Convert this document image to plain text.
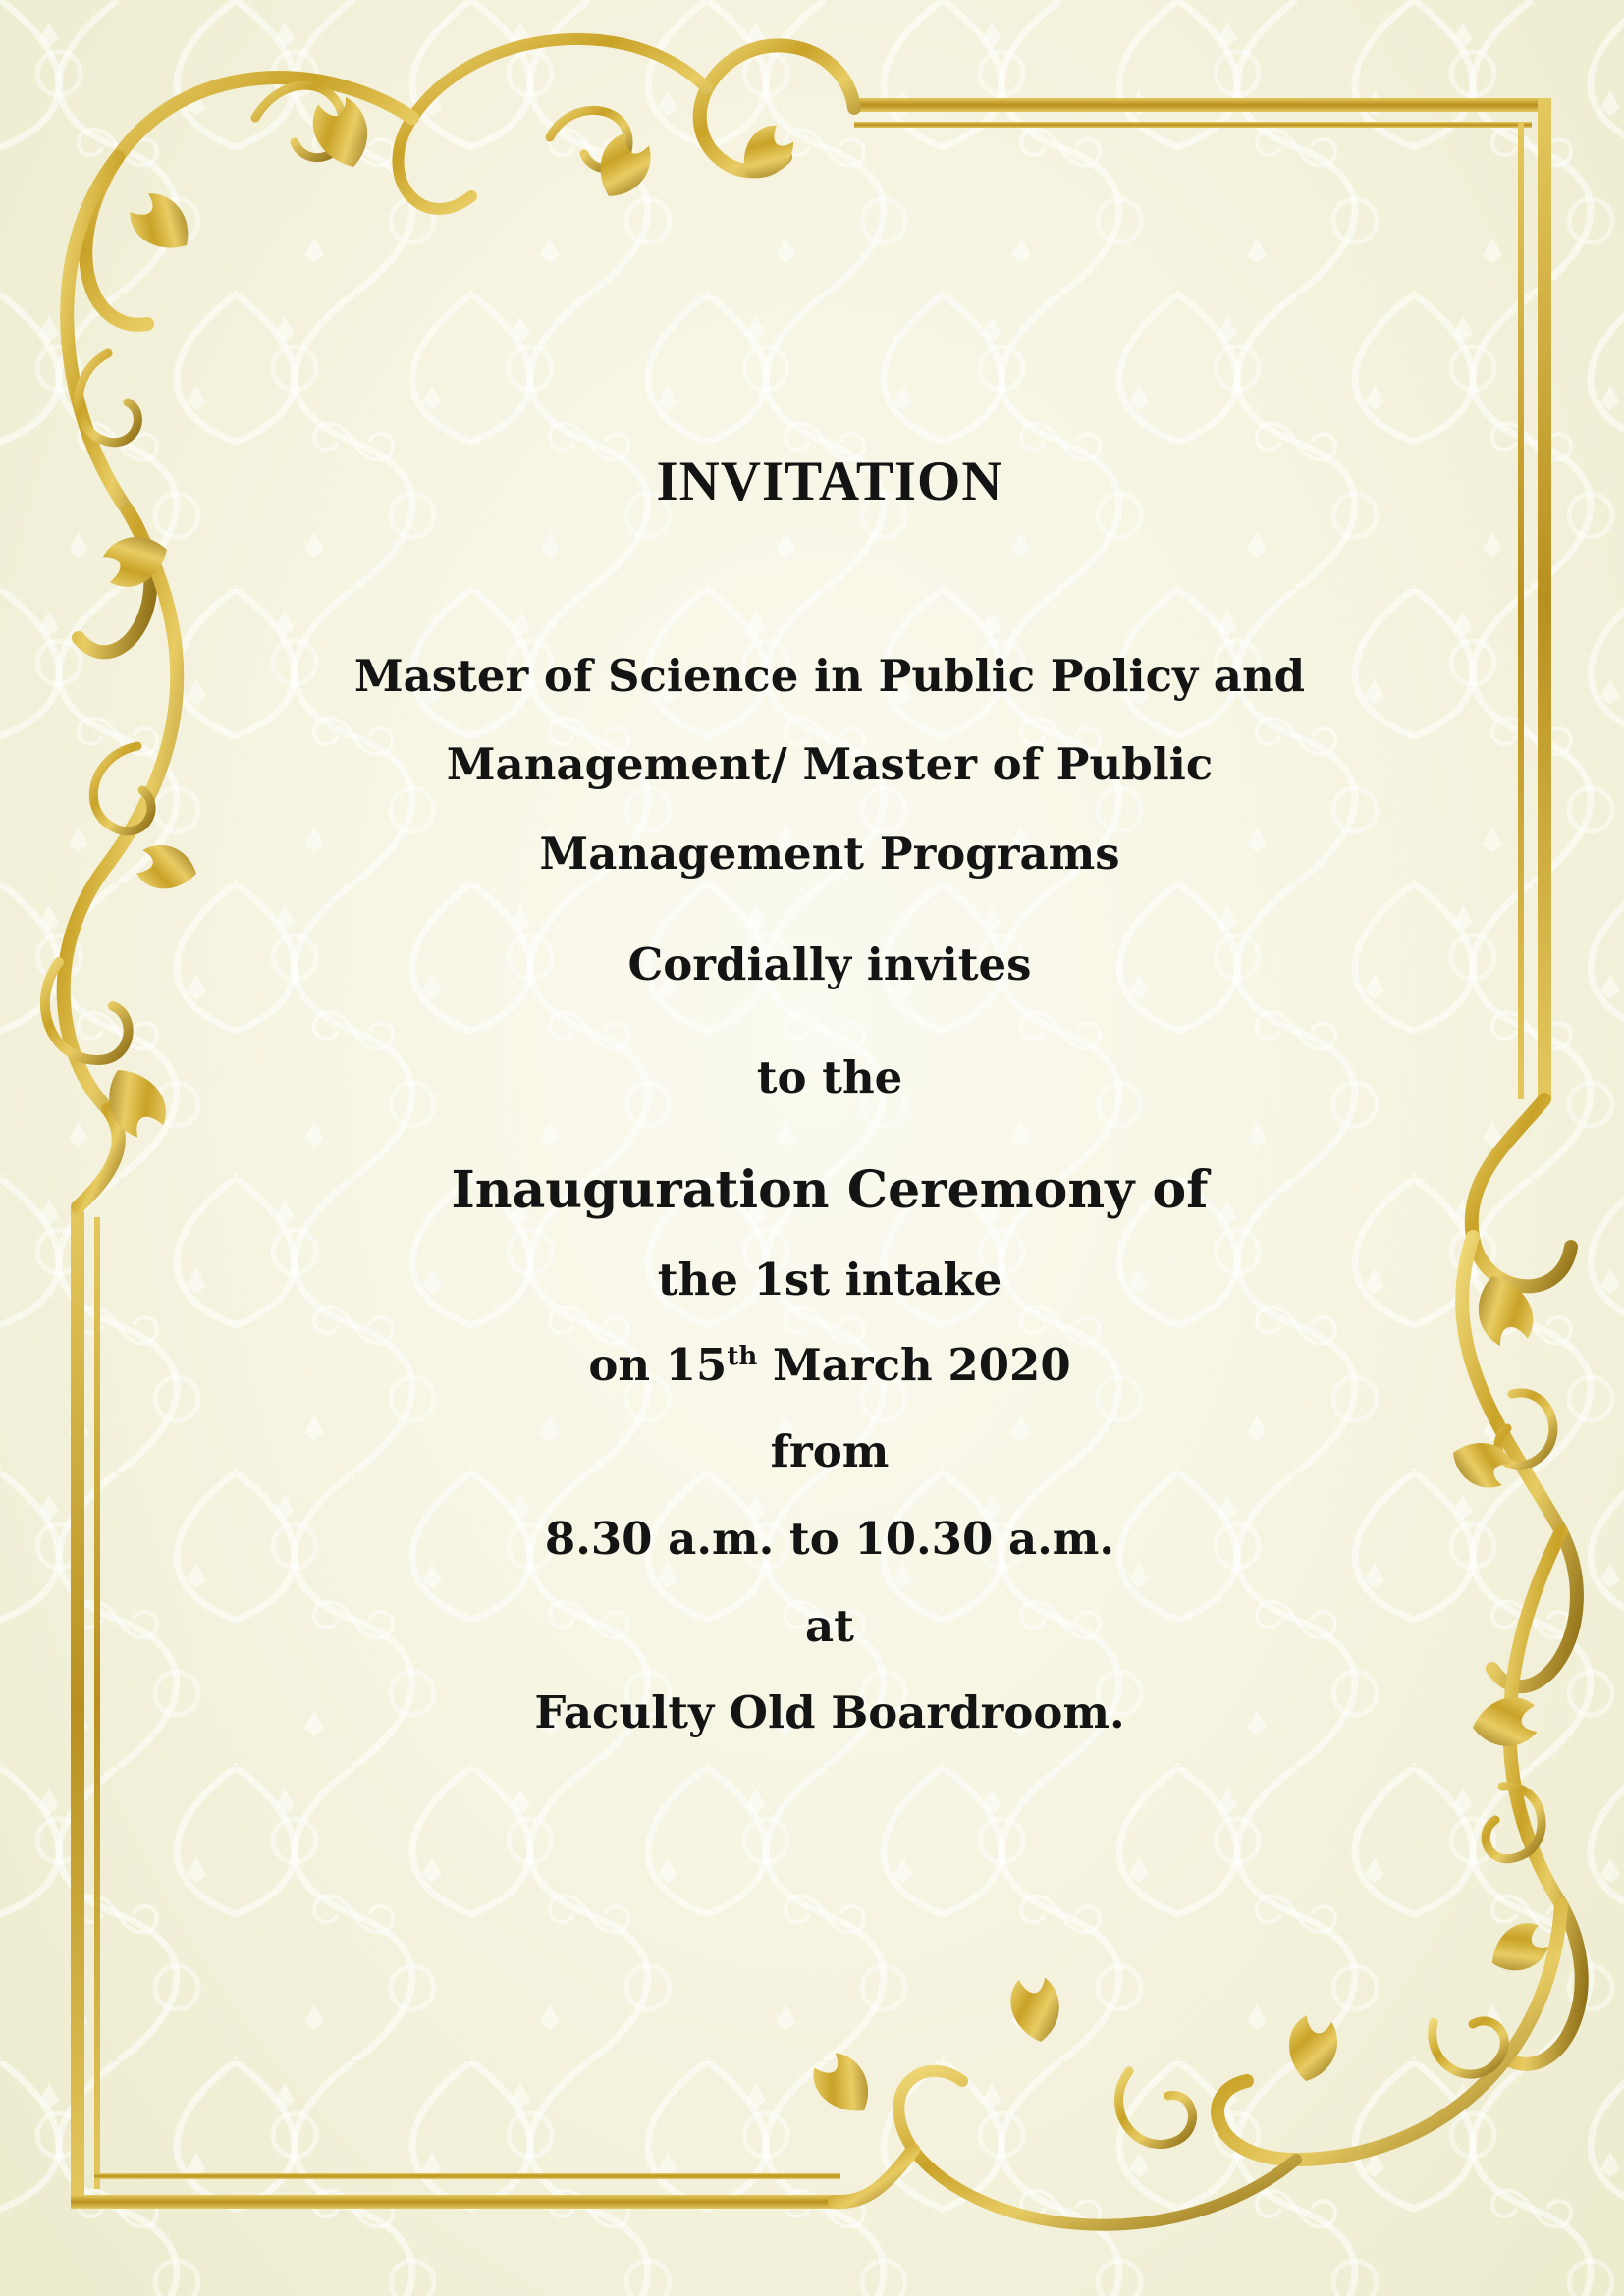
INVITATION
Master of Science in Public Policy and
Management/ Master of Public
Management Programs
Cordially invites
to the
Inauguration Ceremony of
the 1st intake
on 15th March 2020
from
8.30 a.m. to 10.30 a.m.
at
Faculty Old Boardroom.
